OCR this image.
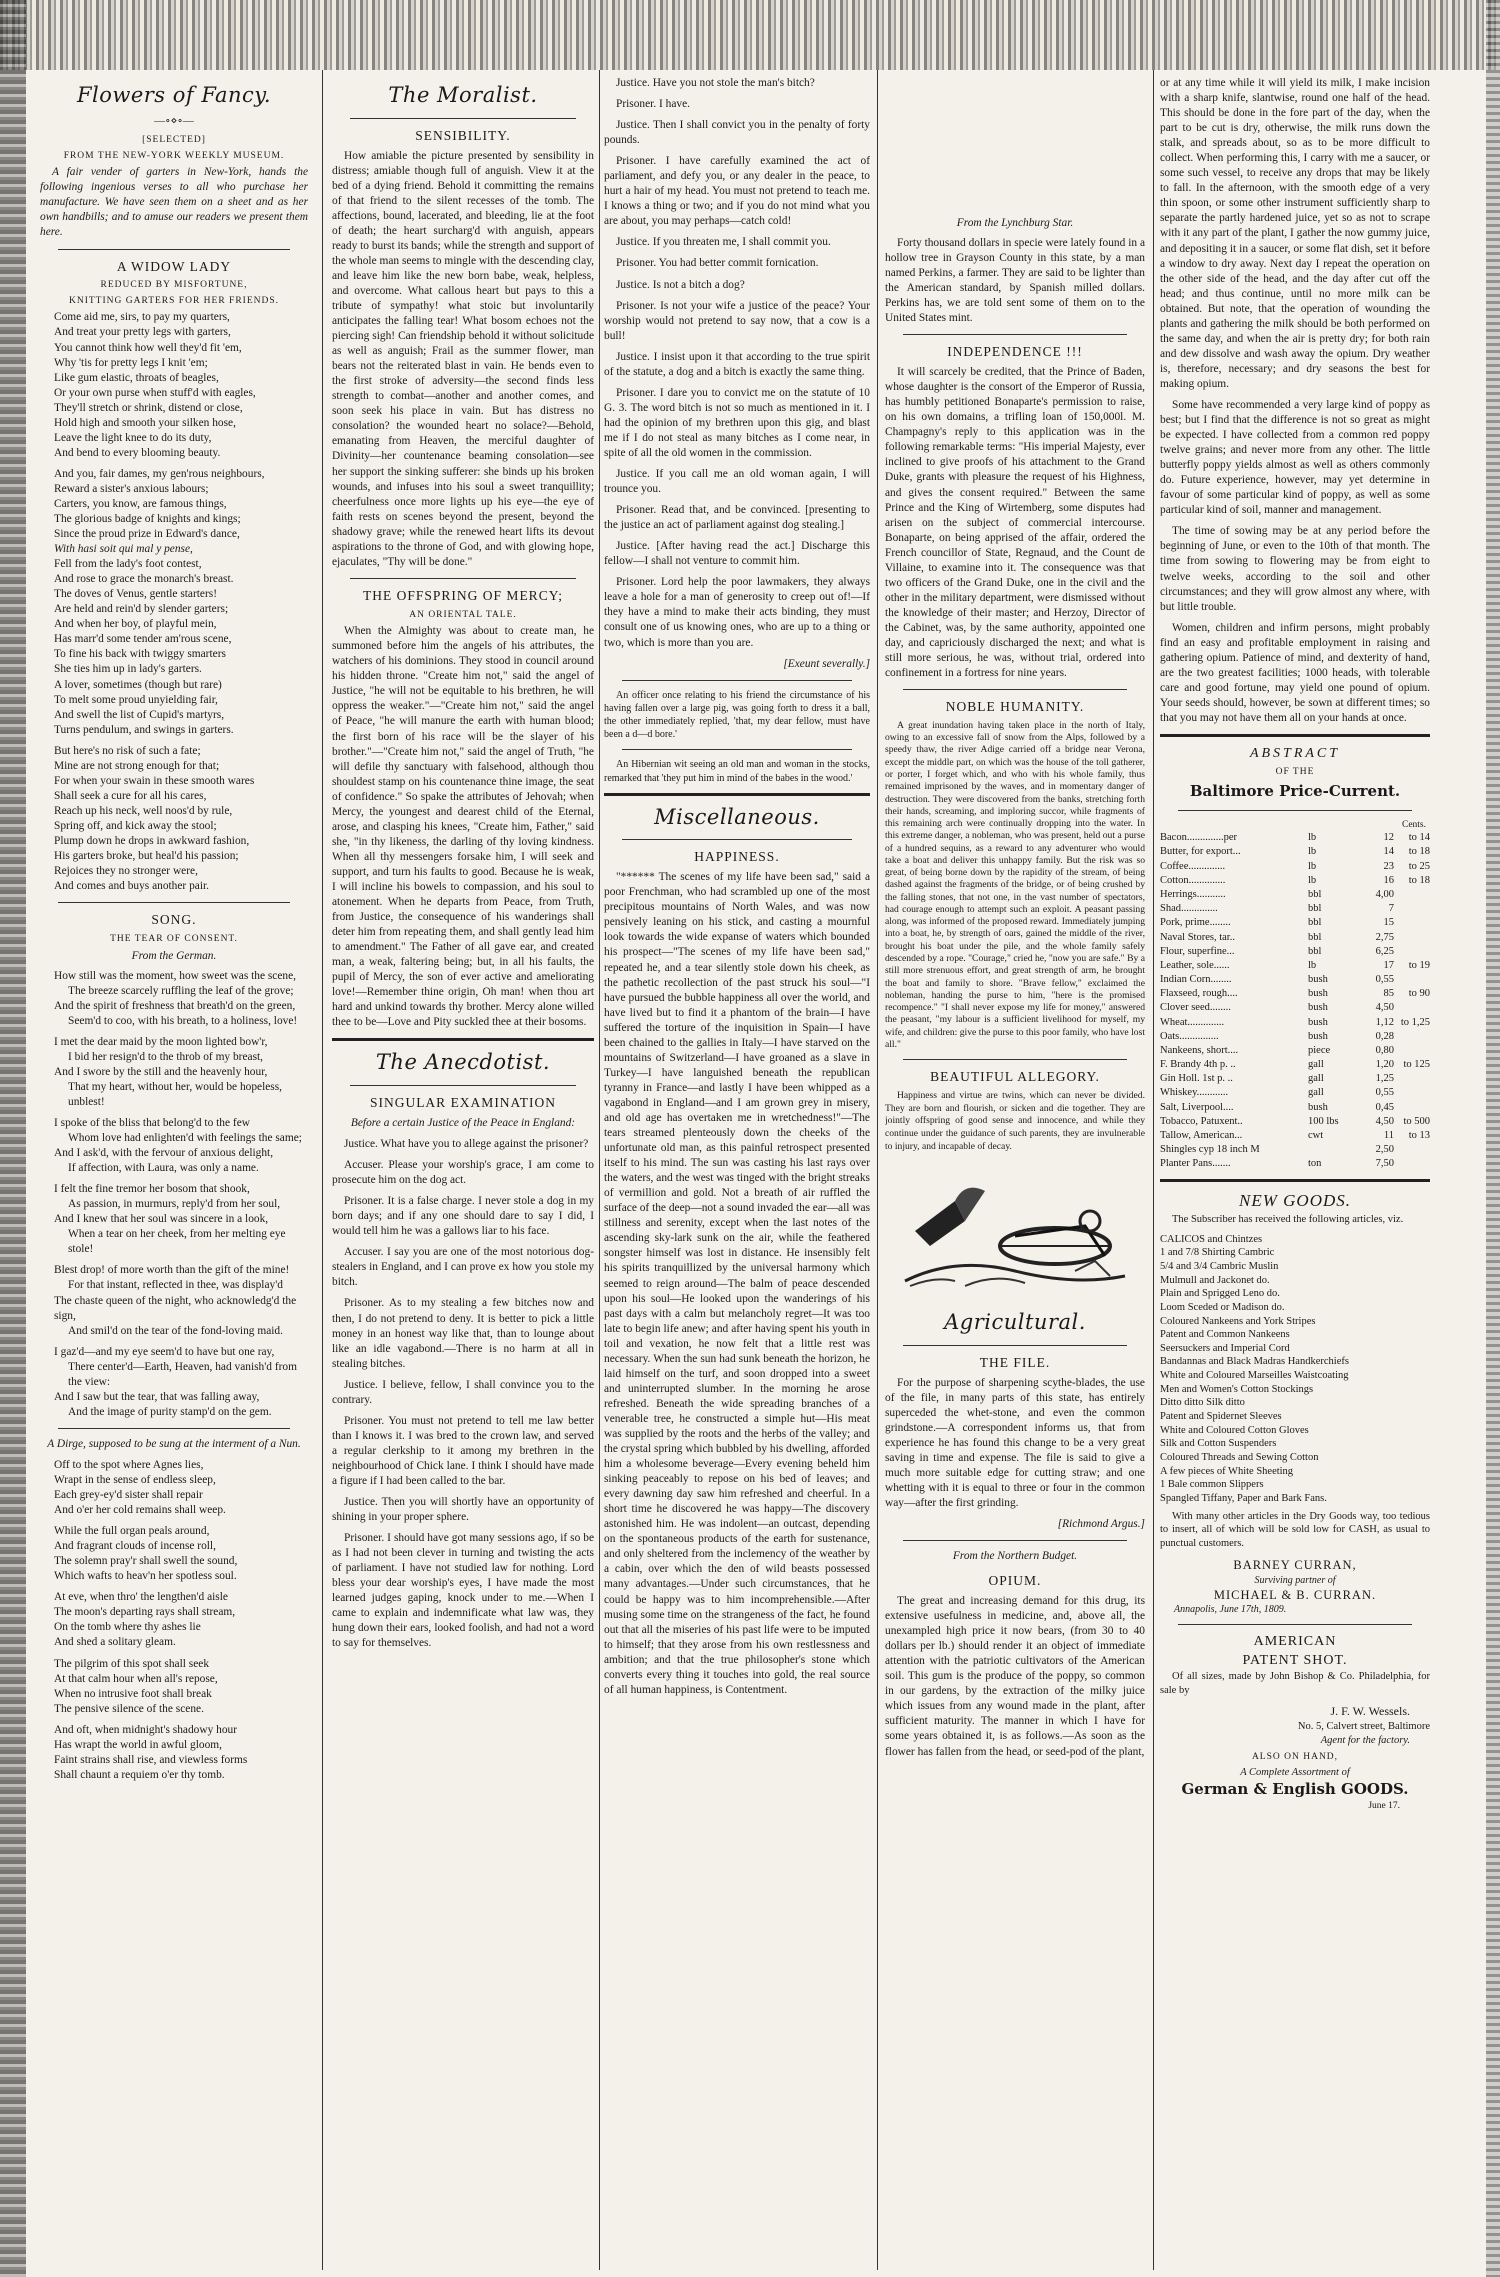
Flowers of Fancy.
—∘⋄∘—
[SELECTED]
FROM THE NEW-YORK WEEKLY MUSEUM.

A fair vender of garters in New-York, hands the following ingenious verses to all who purchase her manufacture. We have seen them on a sheet and as her own handbills; and to amuse our readers we present them here.

A WIDOW LADY
REDUCED BY MISFORTUNE,
KNITTING GARTERS FOR HER FRIENDS.
Come aid me, sirs, to pay my quarters,
And treat your pretty legs with garters,
You cannot think how well they'd fit 'em,
Why 'tis for pretty legs I knit 'em;
Like gum elastic, throats of beagles,
Or your own purse when stuff'd with eagles,
They'll stretch or shrink, distend or close,
Hold high and smooth your silken hose,
Leave the light knee to do its duty,
And bend to every blooming beauty.
And you, fair dames, my gen'rous neighbours,
Reward a sister's anxious labours;
Carters, you know, are famous things,
The glorious badge of knights and kings;
Since the proud prize in Edward's dance,
With hasi soit qui mal y pense,
Fell from the lady's foot contest,
And rose to grace the monarch's breast.
The doves of Venus, gentle starters!
Are held and rein'd by slender garters;
And when her boy, of playful mein,
Has marr'd some tender am'rous scene,
To fine his back with twiggy smarters
She ties him up in lady's garters.
A lover, sometimes (though but rare)
To melt some proud unyielding fair,
And swell the list of Cupid's martyrs,
Turns pendulum, and swings in garters.
But here's no risk of such a fate;
Mine are not strong enough for that;
For when your swain in these smooth wares
Shall seek a cure for all his cares,
Reach up his neck, well noos'd by rule,
Spring off, and kick away the stool;
Plump down he drops in awkward fashion,
His garters broke, but heal'd his passion;
Rejoices they no stronger were,
And comes and buys another pair.
SONG.
THE TEAR OF CONSENT.
From the German.
How still was the moment, how sweet was the scene,
The breeze scarcely ruffling the leaf of the grove;
And the spirit of freshness that breath'd on the green,
Seem'd to coo, with his breath, to a holiness, love!
I met the dear maid by the moon lighted bow'r,
I bid her resign'd to the throb of my breast,
And I swore by the still and the heavenly hour,
That my heart, without her, would be hopeless, unblest!
I spoke of the bliss that belong'd to the few
Whom love had enlighten'd with feelings the same;
And I ask'd, with the fervour of anxious delight,
If affection, with Laura, was only a name.
I felt the fine tremor her bosom that shook,
As passion, in murmurs, reply'd from her soul,
And I knew that her soul was sincere in a look,
When a tear on her cheek, from her melting eye stole!
Blest drop! of more worth than the gift of the mine!
For that instant, reflected in thee, was display'd
The chaste queen of the night, who acknowledg'd the sign,
And smil'd on the tear of the fond-loving maid.
I gaz'd—and my eye seem'd to have but one ray,
There center'd—Earth, Heaven, had vanish'd from the view:
And I saw but the tear, that was falling away,
And the image of purity stamp'd on the gem.
A Dirge, supposed to be sung at the interment of a Nun.
Off to the spot where Agnes lies,
Wrapt in the sense of endless sleep,
Each grey-ey'd sister shall repair
And o'er her cold remains shall weep.
While the full organ peals around,
And fragrant clouds of incense roll,
The solemn pray'r shall swell the sound,
Which wafts to heav'n her spotless soul.
At eve, when thro' the lengthen'd aisle
The moon's departing rays shall stream,
On the tomb where thy ashes lie
And shed a solitary gleam.
The pilgrim of this spot shall seek
At that calm hour when all's repose,
When no intrusive foot shall break
The pensive silence of the scene.
And oft, when midnight's shadowy hour
Has wrapt the world in awful gloom,
Faint strains shall rise, and viewless forms
Shall chaunt a requiem o'er thy tomb.
The Moralist.
SENSIBILITY.

How amiable the picture presented by sensibility in distress; amiable though full of anguish. View it at the bed of a dying friend. Behold it committing the remains of that friend to the silent recesses of the tomb. The affections, bound, lacerated, and bleeding, lie at the foot of death; the heart surcharg'd with anguish, appears ready to burst its bands; while the strength and support of the whole man seems to mingle with the descending clay, and leave him like the new born babe, weak, helpless, and overcome. What callous heart but pays to this a tribute of sympathy! what stoic but involuntarily anticipates the falling tear! What bosom echoes not the piercing sigh! Can friendship behold it without solicitude as well as anguish; Frail as the summer flower, man bears not the reiterated blast in vain. He bends even to the first stroke of adversity—the second finds less strength to combat—another and another comes, and soon seek his place in vain. But has distress no consolation? the wounded heart no solace?—Behold, emanating from Heaven, the merciful daughter of Divinity—her countenance beaming consolation—see her support the sinking sufferer: she binds up his broken wounds, and infuses into his soul a sweet tranquillity; cheerfulness once more lights up his eye—the eye of faith rests on scenes beyond the present, beyond the shadowy grave; while the renewed heart lifts its devout aspirations to the throne of God, and with glowing hope, ejaculates, "Thy will be done."

THE OFFSPRING OF MERCY;
AN ORIENTAL TALE.

When the Almighty was about to create man, he summoned before him the angels of his attributes, the watchers of his dominions. They stood in council around his hidden throne. "Create him not," said the angel of Justice, "he will not be equitable to his brethren, he will oppress the weaker."—"Create him not," said the angel of Peace, "he will manure the earth with human blood; the first born of his race will be the slayer of his brother."—"Create him not," said the angel of Truth, "he will defile thy sanctuary with falsehood, although thou shouldest stamp on his countenance thine image, the seat of confidence." So spake the attributes of Jehovah; when Mercy, the youngest and dearest child of the Eternal, arose, and clasping his knees, "Create him, Father," said she, "in thy likeness, the darling of thy loving kindness. When all thy messengers forsake him, I will seek and support, and turn his faults to good. Because he is weak, I will incline his bowels to compassion, and his soul to atonement. When he departs from Peace, from Truth, from Justice, the consequence of his wanderings shall deter him from repeating them, and shall gently lead him to amendment." The Father of all gave ear, and created man, a weak, faltering being; but, in all his faults, the pupil of Mercy, the son of ever active and ameliorating love!—Remember thine origin, Oh man! when thou art hard and unkind towards thy brother. Mercy alone willed thee to be—Love and Pity suckled thee at their bosoms.

The Anecdotist.
SINGULAR EXAMINATION
Before a certain Justice of the Peace in England:

Justice. What have you to allege against the prisoner?

Accuser. Please your worship's grace, I am come to prosecute him on the dog act.

Prisoner. It is a false charge. I never stole a dog in my born days; and if any one should dare to say I did, I would tell him he was a gallows liar to his face.

Accuser. I say you are one of the most notorious dog-stealers in England, and I can prove ex how you stole my bitch.

Prisoner. As to my stealing a few bitches now and then, I do not pretend to deny. It is better to pick a little money in an honest way like that, than to lounge about like an idle vagabond.—There is no harm at all in stealing bitches.

Justice. I believe, fellow, I shall convince you to the contrary.

Prisoner. You must not pretend to tell me law better than I knows it. I was bred to the crown law, and served a regular clerkship to it among my brethren in the neighbourhood of Chick lane. I think I should have made a figure if I had been called to the bar.

Justice. Then you will shortly have an opportunity of shining in your proper sphere.

Prisoner. I should have got many sessions ago, if so be as I had not been clever in turning and twisting the acts of parliament. I have not studied law for nothing. Lord bless your dear worship's eyes, I have made the most learned judges gaping, knock under to me.—When I came to explain and indemnificate what law was, they hung down their ears, looked foolish, and had not a word to say for themselves.

Justice. Have you not stole the man's bitch?

Prisoner. I have.

Justice. Then I shall convict you in the penalty of forty pounds.

Prisoner. I have carefully examined the act of parliament, and defy you, or any dealer in the peace, to hurt a hair of my head. You must not pretend to teach me. I knows a thing or two; and if you do not mind what you are about, you may perhaps—catch cold!

Justice. If you threaten me, I shall commit you.

Prisoner. You had better commit fornication.

Justice. Is not a bitch a dog?

Prisoner. Is not your wife a justice of the peace? Your worship would not pretend to say now, that a cow is a bull!

Justice. I insist upon it that according to the true spirit of the statute, a dog and a bitch is exactly the same thing.

Prisoner. I dare you to convict me on the statute of 10 G. 3. The word bitch is not so much as mentioned in it. I had the opinion of my brethren upon this gig, and blast me if I do not steal as many bitches as I come near, in spite of all the old women in the commission.

Justice. If you call me an old woman again, I will trounce you.

Prisoner. Read that, and be convinced. [presenting to the justice an act of parliament against dog stealing.]

Justice. [After having read the act.] Discharge this fellow—I shall not venture to commit him.

Prisoner. Lord help the poor lawmakers, they always leave a hole for a man of generosity to creep out of!—If they have a mind to make their acts binding, they must consult one of us knowing ones, who are up to a thing or two, which is more than you are.

[Exeunt severally.]

An officer once relating to his friend the circumstance of his having fallen over a large pig, was going forth to dress it a ball, the other immediately replied, 'that, my dear fellow, must have been a d—d bore.'

An Hibernian wit seeing an old man and woman in the stocks, remarked that 'they put him in mind of the babes in the wood.'

Miscellaneous.
HAPPINESS.

"****** The scenes of my life have been sad," said a poor Frenchman, who had scrambled up one of the most precipitous mountains of North Wales, and was now pensively leaning on his stick, and casting a mournful look towards the wide expanse of waters which bounded his prospect—"The scenes of my life have been sad," repeated he, and a tear silently stole down his cheek, as the pathetic recollection of the past struck his soul—"I have pursued the bubble happiness all over the world, and have lived but to find it a phantom of the brain—I have suffered the torture of the inquisition in Spain—I have been chained to the gallies in Italy—I have starved on the mountains of Switzerland—I have groaned as a slave in Turkey—I have languished beneath the republican tyranny in France—and lastly I have been whipped as a vagabond in England—and I am grown grey in misery, and old age has overtaken me in wretchedness!"—The tears streamed plenteously down the cheeks of the unfortunate old man, as this painful retrospect presented itself to his mind. The sun was casting his last rays over the waters, and the west was tinged with the bright streaks of vermillion and gold. Not a breath of air ruffled the surface of the deep—not a sound invaded the ear—all was stillness and serenity, except when the last notes of the ascending sky-lark sunk on the air, while the feathered songster himself was lost in distance. He insensibly felt his spirits tranquillized by the universal harmony which seemed to reign around—The balm of peace descended upon his soul—He looked upon the wanderings of his past days with a calm but melancholy regret—It was too late to begin life anew; and after having spent his youth in toil and vexation, he now felt that a little rest was necessary. When the sun had sunk beneath the horizon, he laid himself on the turf, and soon dropped into a sweet and uninterrupted slumber. In the morning he arose refreshed. Beneath the wide spreading branches of a venerable tree, he constructed a simple hut—His meat was supplied by the roots and the herbs of the valley; and the crystal spring which bubbled by his dwelling, afforded him a wholesome beverage—Every evening beheld him sinking peaceably to repose on his bed of leaves; and every dawning day saw him refreshed and cheerful. In a short time he discovered he was happy—The discovery astonished him. He was indolent—an outcast, depending on the spontaneous products of the earth for sustenance, and only sheltered from the inclemency of the weather by a cabin, over which the den of wild beasts possessed many advantages.—Under such circumstances, that he could be happy was to him incomprehensible.—After musing some time on the strangeness of the fact, he found out that all the miseries of his past life were to be imputed to himself; that they arose from his own restlessness and ambition; and that the true philosopher's stone which converts every thing it touches into gold, the real source of all human happiness, is Contentment.

From the Lynchburg Star.

Forty thousand dollars in specie were lately found in a hollow tree in Grayson County in this state, by a man named Perkins, a farmer. They are said to be lighter than the American standard, by Spanish milled dollars. Perkins has, we are told sent some of them on to the United States mint.

INDEPENDENCE !!!

It will scarcely be credited, that the Prince of Baden, whose daughter is the consort of the Emperor of Russia, has humbly petitioned Bonaparte's permission to raise, on his own domains, a trifling loan of 150,000l. M. Champagny's reply to this application was in the following remarkable terms: "His imperial Majesty, ever inclined to give proofs of his attachment to the Grand Duke, grants with pleasure the request of his Highness, and gives the consent required." Between the same Prince and the King of Wirtemberg, some disputes had arisen on the subject of commercial intercourse. Bonaparte, on being apprised of the affair, ordered the French councillor of State, Regnaud, and the Count de Villaine, to examine into it. The consequence was that two officers of the Grand Duke, one in the civil and the other in the military department, were dismissed without the knowledge of their master; and Herzoy, Director of the Cabinet, was, by the same authority, appointed one day, and capriciously discharged the next; and what is still more serious, he was, without trial, ordered into confinement in a fortress for nine years.

NOBLE HUMANITY.

A great inundation having taken place in the north of Italy, owing to an excessive fall of snow from the Alps, followed by a speedy thaw, the river Adige carried off a bridge near Verona, except the middle part, on which was the house of the toll gatherer, or porter, I forget which, and who with his whole family, thus remained imprisoned by the waves, and in momentary danger of destruction. They were discovered from the banks, stretching forth their hands, screaming, and imploring succor, while fragments of this remaining arch were continually dropping into the water. In this extreme danger, a nobleman, who was present, held out a purse of a hundred sequins, as a reward to any adventurer who would take a boat and deliver this unhappy family. But the risk was so great, of being borne down by the rapidity of the stream, of being dashed against the fragments of the bridge, or of being crushed by the falling stones, that not one, in the vast number of spectators, had courage enough to attempt such an exploit. A peasant passing along, was informed of the proposed reward. Immediately jumping into a boat, he, by strength of oars, gained the middle of the river, brought his boat under the pile, and the whole family safely descended by a rope. "Courage," cried he, "now you are safe." By a still more strenuous effort, and great strength of arm, he brought the boat and family to shore. "Brave fellow," exclaimed the nobleman, handing the purse to him, "here is the promised recompence." "I shall never expose my life for money," answered the peasant, "my labour is a sufficient livelihood for myself, my wife, and children: give the purse to this poor family, who have lost all."

BEAUTIFUL ALLEGORY.

Happiness and virtue are twins, which can never be divided. They are born and flourish, or sicken and die together. They are jointly offspring of good sense and innocence, and while they continue under the guidance of such parents, they are invulnerable to injury, and incapable of decay.

Agricultural.
THE FILE.

For the purpose of sharpening scythe-blades, the use of the file, in many parts of this state, has entirely superceded the whet-stone, and even the common grindstone.—A correspondent informs us, that from experience he has found this change to be a very great saving in time and expense. The file is said to give a much more suitable edge for cutting straw; and one whetting with it is equal to three or four in the common way—after the first grinding.

[Richmond Argus.]
From the Northern Budget.
OPIUM.

The great and increasing demand for this drug, its extensive usefulness in medicine, and, above all, the unexampled high price it now bears, (from 30 to 40 dollars per lb.) should render it an object of immediate attention with the patriotic cultivators of the American soil. This gum is the produce of the poppy, so common in our gardens, by the extraction of the milky juice which issues from any wound made in the plant, after sufficient maturity. The manner in which I have for some years obtained it, is as follows.—As soon as the flower has fallen from the head, or seed-pod of the plant,

or at any time while it will yield its milk, I make incision with a sharp knife, slantwise, round one half of the head. This should be done in the fore part of the day, when the part to be cut is dry, otherwise, the milk runs down the stalk, and spreads about, so as to be more difficult to collect. When performing this, I carry with me a saucer, or some such vessel, to receive any drops that may be likely to fall. In the afternoon, with the smooth edge of a very thin spoon, or some other instrument sufficiently sharp to separate the partly hardened juice, yet so as not to scrape with it any part of the plant, I gather the now gummy juice, and depositing it in a saucer, or some flat dish, set it before a window to dry away. Next day I repeat the operation on the other side of the head, and the day after cut off the head; and thus continue, until no more milk can be obtained. But note, that the operation of wounding the plants and gathering the milk should be both performed on the same day, and when the air is pretty dry; for both rain and dew dissolve and wash away the opium. Dry weather is, therefore, necessary; and dry seasons the best for making opium.

Some have recommended a very large kind of poppy as best; but I find that the difference is not so great as might be expected. I have collected from a common red poppy twelve grains; and never more from any other. The little butterfly poppy yields almost as well as others commonly do. Future experience, however, may yet determine in favour of some particular kind of poppy, as well as some particular kind of soil, manner and management.

The time of sowing may be at any period before the beginning of June, or even to the 10th of that month. The time from sowing to flowering may be from eight to twelve weeks, according to the soil and other circumstances; and they will grow almost any where, with but little trouble.

Women, children and infirm persons, might probably find an easy and profitable employment in raising and gathering opium. Patience of mind, and dexterity of hand, are the two greatest facilities; 1000 heads, with tolerable care and good fortune, may yield one pound of opium. Your seeds should, however, be sown at different times; so that you may not have them all on your hands at once.

ABSTRACT
OF THE
Baltimore Price-Current.
Cents.
Bacon..............per	lb	12	to 14
Butter, for export...	lb	14	to 18
Coffee..............	lb	23	to 25
Cotton..............	lb	16	to 18
Herrings...........	bbl	4,00
Shad..............	bbl	7
Pork, prime........	bbl	15
Naval Stores, tar..	bbl	2,75
Flour, superfine...	bbl	6,25
Leather, sole......	lb	17	to 19
Indian Corn........	bush	0,55
Flaxseed, rough....	bush	85	to 90
Clover seed........	bush	4,50
Wheat..............	bush	1,12 to 1,25
Oats...............	bush	0,28
Nankeens, short....	piece	0,80
F. Brandy 4th p. ..	gall	1,20 to 125
Gin Holl. 1st p. ..	gall	1,25
Whiskey............	gall	0,55
Salt, Liverpool....	bush	0,45
Tobacco, Patuxent..	100 lbs	4,50 to 500
Tallow, American...	cwt	11	to 13
Shingles cyp 18 inch M	2,50
Planter Pans.......	ton	7,50
NEW GOODS.

The Subscriber has received the following articles, viz.

CALICOS and Chintzes
1 and 7/8 Shirting Cambric
5/4 and 3/4 Cambric Muslin
Mulmull and Jackonet do.
Plain and Sprigged Leno do.
Loom Sceded or Madison do.
Coloured Nankeens and York Stripes
Patent and Common Nankeens
Seersuckers and Imperial Cord
Bandannas and Black Madras Handkerchiefs
White and Coloured Marseilles Waistcoating
Men and Women's Cotton Stockings
Ditto ditto Silk ditto
Patent and Spidernet Sleeves
White and Coloured Cotton Gloves
Silk and Cotton Suspenders
Coloured Threads and Sewing Cotton
A few pieces of White Sheeting
1 Bale common Slippers
Spangled Tiffany, Paper and Bark Fans.

With many other articles in the Dry Goods way, too tedious to insert, all of which will be sold low for CASH, as usual to punctual customers.

BARNEY CURRAN,
Surviving partner of
MICHAEL & B. CURRAN.
Annapolis, June 17th, 1809.
AMERICAN
PATENT SHOT.

Of all sizes, made by John Bishop & Co. Philadelphia, for sale by

J. F. W. Wessels.
No. 5, Calvert street, Baltimore
Agent for the factory.
ALSO ON HAND,
A Complete Assortment of
German & English GOODS.
June 17.
